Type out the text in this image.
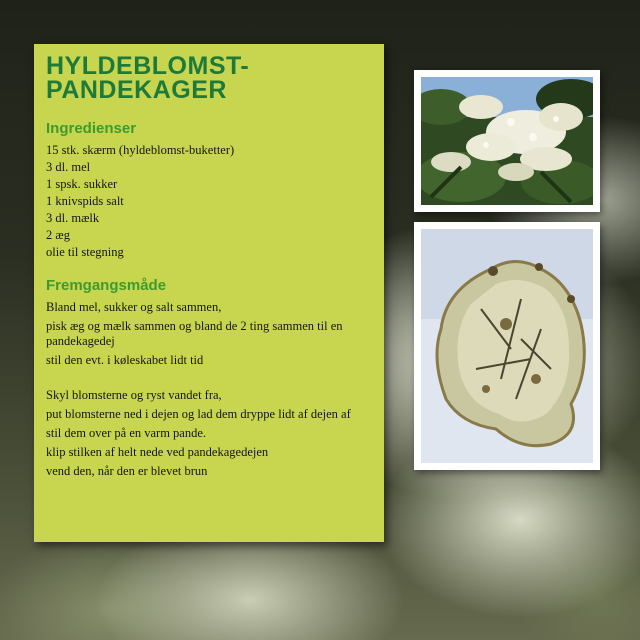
HYLDEBLOMST-
PANDEKAGER
Ingredienser
15 stk. skærm (hyldeblomst-buketter)
3 dl. mel
1 spsk. sukker
1 knivspids salt
3 dl. mælk
2 æg
olie til stegning
Fremgangsmåde

Bland mel, sukker og salt sammen,

pisk æg og mælk sammen og bland de 2 ting sammen til en pandekagedej

stil den evt. i køleskabet lidt tid

Skyl blomsterne og ryst vandet fra,

put blomsterne ned i dejen og lad dem dryppe lidt af dejen af

stil dem over på en varm pande.

klip stilken af helt nede ved pandekagedejen

vend den, når den er blevet brun
